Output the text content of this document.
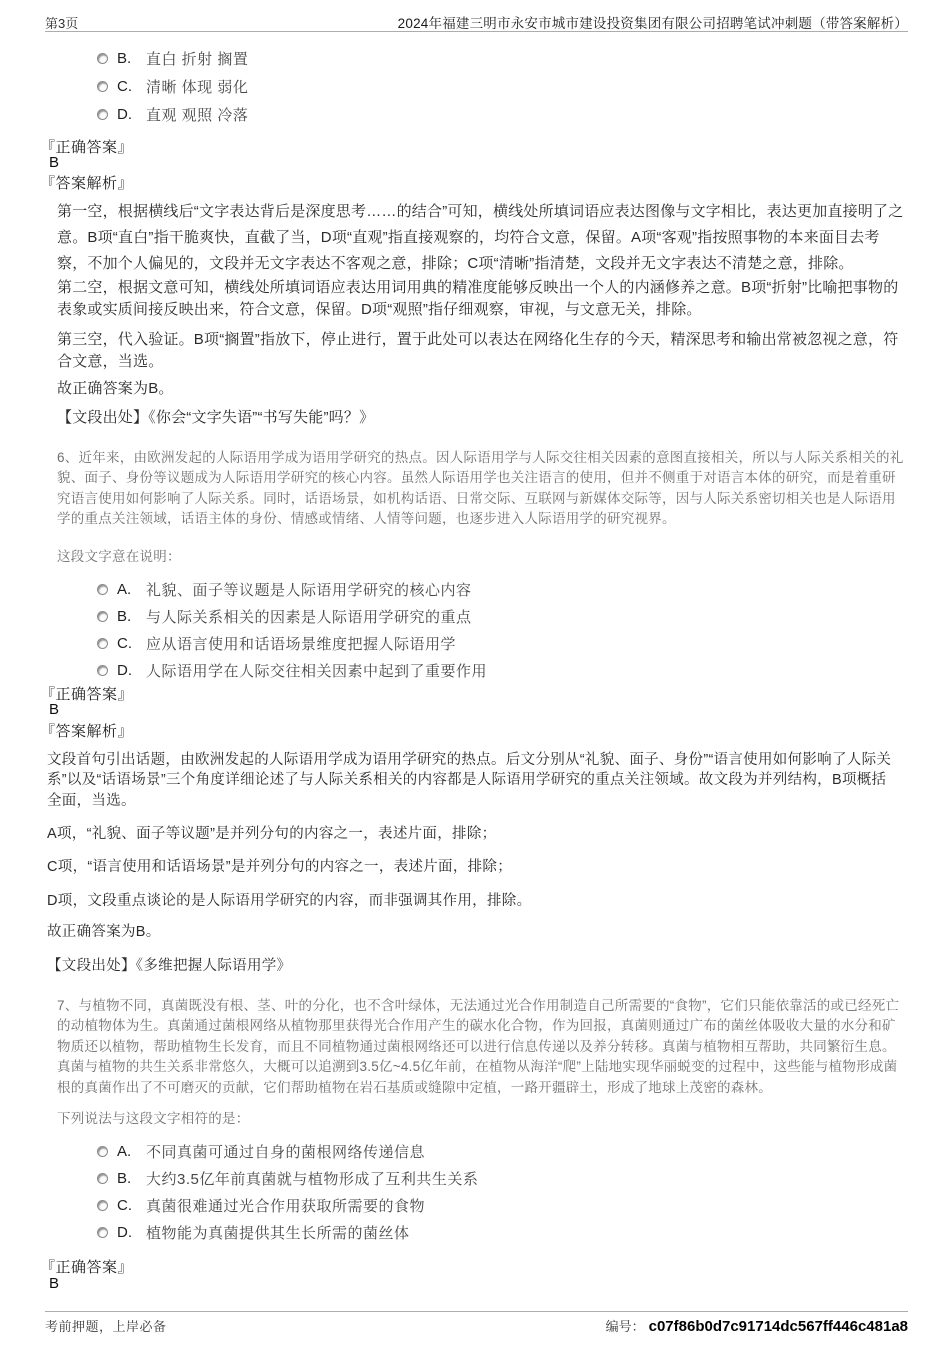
第3页	2024年福建三明市永安市城市建设投资集团有限公司招聘笔试冲刺题（带答案解析）
B. 直白 折射 搁置
C. 清晰 体现 弱化
D. 直观 观照 冷落
『正确答案』
B
『答案解析』
第一空，根据横线后“文字表达背后是深度思考……的结合”可知，横线处所填词语应表达图像与文字相比，表达更加直接明了之意。B项“直白”指干脆爽快，直截了当，D项“直观”指直接观察的，均符合文意，保留。A项“客观”指按照事物的本来面目去考察，不加个人偏见的，文段并无文字表达不客观之意，排除；C项“清晰”指清楚，文段并无文字表达不清楚之意，排除。
第二空，根据文意可知，横线处所填词语应表达用词用典的精准度能够反映出一个人的内涵修养之意。B项“折射”比喻把事物的表象或实质间接反映出来，符合文意，保留。D项“观照”指仔细观察，审视，与文意无关，排除。
第三空，代入验证。B项“搁置”指放下，停止进行，置于此处可以表达在网络化生存的今天，精深思考和输出常被忽视之意，符合文意，当选。
故正确答案为B。
【文段出处】《你会“文字失语”“书写失能”吗？》
6、近年来，由欧洲发起的人际语用学成为语用学研究的热点。因人际语用学与人际交往相关因素的意图直接相关，所以与人际关系相关的礼貌、面子、身份等议题成为人际语用学研究的核心内容。虽然人际语用学也关注语言的使用，但并不侧重于对语言本体的研究，而是着重研究语言使用如何影响了人际关系。同时，话语场景，如机构话语、日常交际、互联网与新媒体交际等，因与人际关系密切相关也是人际语用学的重点关注领域，话语主体的身份、情感或情绪、人情等问题，也逐步进入人际语用学的研究视界。
这段文字意在说明：
A. 礼貌、面子等议题是人际语用学研究的核心内容
B. 与人际关系相关的因素是人际语用学研究的重点
C. 应从语言使用和话语场景维度把握人际语用学
D. 人际语用学在人际交往相关因素中起到了重要作用
『正确答案』
B
『答案解析』
文段首句引出话题，由欧洲发起的人际语用学成为语用学研究的热点。后文分别从“礼貌、面子、身份”“语言使用如何影响了人际关系”以及“话语场景”三个角度详细论述了与人际关系相关的内容都是人际语用学研究的重点关注领域。故文段为并列结构，B项概括全面，当选。
A项，“礼貌、面子等议题”是并列分句的内容之一，表述片面，排除；
C项，“语言使用和话语场景”是并列分句的内容之一，表述片面，排除；
D项，文段重点谈论的是人际语用学研究的内容，而非强调其作用，排除。
故正确答案为B。
【文段出处】《多维把握人际语用学》
7、与植物不同，真菌既没有根、茎、叶的分化，也不含叶绿体，无法通过光合作用制造自己所需要的“食物”，它们只能依靠活的或已经死亡的动植物体为生。真菌通过菌根网络从植物那里获得光合作用产生的碳水化合物，作为回报，真菌则通过广布的菌丝体吸收大量的水分和矿物质还以植物，帮助植物生长发育，而且不同植物通过菌根网络还可以进行信息传递以及养分转移。真菌与植物相互帮助，共同繁衍生息。真菌与植物的共生关系非常悠久，大概可以追溯到3.5亿~4.5亿年前，在植物从海洋“爬”上陆地实现华丽蜕变的过程中，这些能与植物形成菌根的真菌作出了不可磨灭的贡献，它们帮助植物在岩石基质或缝隙中定植，一路开疆辟土，形成了地球上茂密的森林。
下列说法与这段文字相符的是：
A. 不同真菌可通过自身的菌根网络传递信息
B. 大约3.5亿年前真菌就与植物形成了互利共生关系
C. 真菌很难通过光合作用获取所需要的食物
D. 植物能为真菌提供其生长所需的菌丝体
『正确答案』
B
考前押题，上岸必备	编号： c07f86b0d7c91714dc567ff446c481a8
